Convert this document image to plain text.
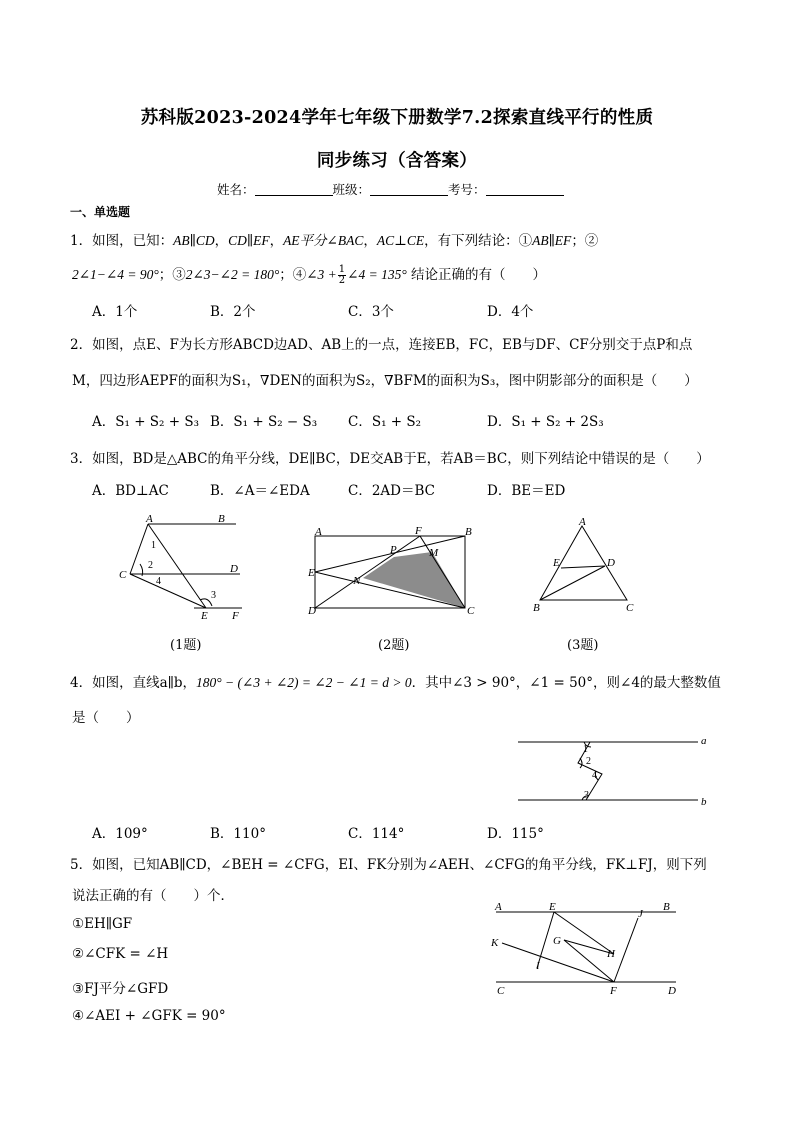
苏科版2023-2024学年七年级下册数学7.2探索直线平行的性质
同步练习（含答案）
姓名：	班级：	考号：
一、单选题
1．如图，已知：AB∥CD，CD∥EF，AE平分∠BAC，AC⊥CE，有下列结论：①AB∥EF；②
2∠1−∠4 = 90°；③2∠3−∠2 = 180°；④∠3 + $\frac{1}{2}$ ∠4 = 135° 结论正确的有（　　）
A．1个	B．2个	C．3个	D．4个
2．如图，点E、F为长方形ABCD边AD、AB上的一点，连接EB，FC，EB与DF、CF分别交于点P和点
M，四边形AEPF的面积为S₁，∇DEN的面积为S₂，∇BFM的面积为S₃，图中阴影部分的面积是（　　）
A．S₁ + S₂ + S₃ B．S₁ + S₂ − S₃ C．S₁ + S₂	D．S₁ + S₂ + 2S₃
3．如图，BD是△ABC的角平分线，DE∥BC，DE交AB于E，若AB＝BC，则下列结论中错误的是（　　）
A．BD⊥AC	B．∠A＝∠EDA	C．2AD＝BC	D．BE＝ED
A	B
C	D
E F
1
2
3
4
A	B
C
D
E
F
P	M
N
A
B	C
D
E
(1题)	(2题)	(3题)
4．如图，直线a∥b，180° − (∠3 + ∠2) = ∠2 − ∠1 = d > 0．其中∠3 > 90°，∠1 = 50°，则∠4的最大整数值
是（　　）
a
b
1
2
3
4
A．109°	B．110°	C．114°	D．115°
5．如图，已知AB∥CD，∠BEH = ∠CFG，EI、FK分别为∠AEH、∠CFG的角平分线，FK⊥FJ，则下列
说法正确的有（　　）个．
①EH∥GF
②∠CFK = ∠H
③FJ平分∠GFD
④∠AEI + ∠GFK = 90°
A	B
C	D
E
F
G
H
I
J
K
